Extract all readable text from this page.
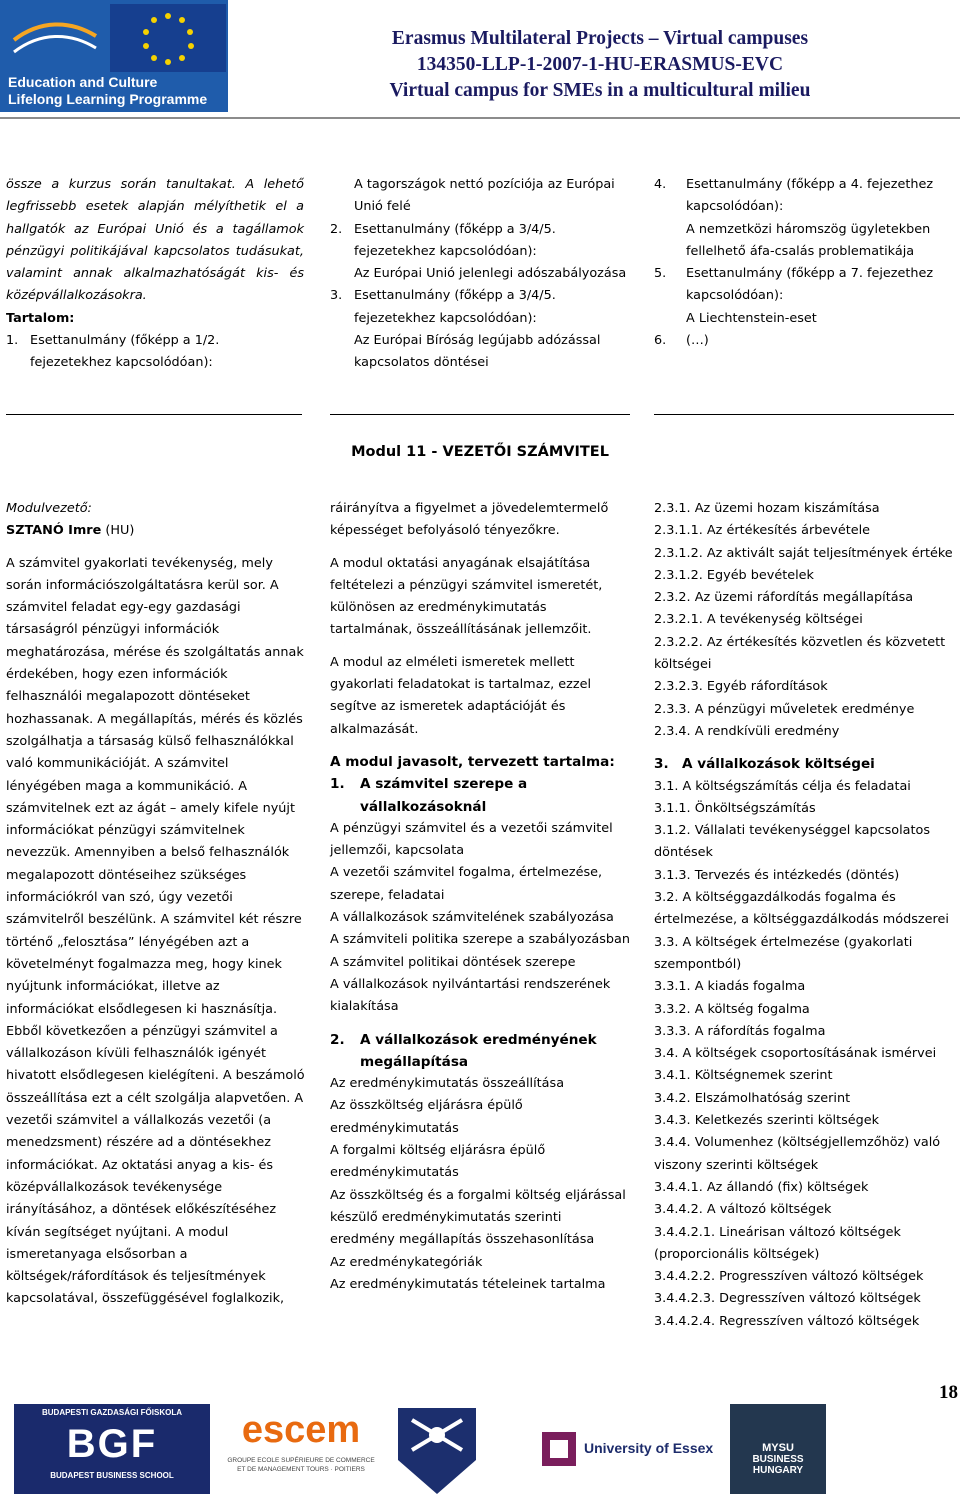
Education and Culture
Lifelong Learning Programme
Erasmus Multilateral Projects – Virtual campuses
134350-LLP-1-2007-1-HU-ERASMUS-EVC
Virtual campus for SMEs in a multicultural milieu

össze a kurzus során tanultakat. A lehető legfrissebb esetek alapján mélyíthetik el a hallgatók az Európai Unió és a tagállamok pénzügyi politikájával kapcsolatos tudásukat, valamint annak alkalmazhatóságát kis- és középvállalkozásokra.

Tartalom:

1. Esettanulmány (főképp a 1/2. fejezetekhez kapcsolódóan):
A tagországok nettó pozíciója az Európai Unió felé
2. Esettanulmány (főképp a 3/4/5. fejezetekhez kapcsolódóan):
Az Európai Unió jelenlegi adószabályozása
3. Esettanulmány (főképp a 3/4/5. fejezetekhez kapcsolódóan):
Az Európai Bíróság legújabb adózással kapcsolatos döntései
4.	Esettanulmány (főképp a 4. fejezethez kapcsolódóan):
A nemzetközi háromszög ügyletekben fellelhető áfa-csalás problematikája
5.	Esettanulmány (főképp a 7. fejezethez kapcsolódóan):
A Liechtenstein-eset
6.	(…)
Modul 11 - VEZETŐI SZÁMVITEL

Modulvezető:

SZTANÓ Imre (HU)

A számvitel gyakorlati tevékenység, mely során információszolgáltatásra kerül sor. A számvitel feladat egy-egy gazdasági társaságról pénzügyi információk meghatározása, mérése és szolgáltatás annak érdekében, hogy ezen információk felhasználói megalapozott döntéseket hozhassanak. A megállapítás, mérés és közlés szolgálhatja a társaság külső felhasználókkal való kommunikációját. A számvitel lényégében maga a kommunikáció. A számvitelnek ezt az ágát – amely kifele nyújt információkat pénzügyi számvitelnek nevezzük. Amennyiben a belső felhasználók megalapozott döntéseihez szükséges információkról van szó, úgy vezetői számvitelről beszélünk. A számvitel két részre történő „felosztása” lényégében azt a követelményt fogalmazza meg, hogy kinek nyújtunk információkat, illetve az információkat elsődlegesen ki hasznásítja. Ebből következően a pénzügyi számvitel a vállalkozáson kívüli felhasználók igényét hivatott elsődlegesen kielégíteni. A beszámoló összeállítása ezt a célt szolgálja alapvetően. A vezetői számvitel a vállalkozás vezetői (a menedzsment) részére ad a döntésekhez információkat. Az oktatási anyag a kis- és középvállalkozások tevékenysége irányításához, a döntések előkészítéséhez kíván segítséget nyújtani. A modul ismeretanyaga elsősorban a költségek/ráfordítások és teljesítmények kapcsolatával, összefüggésével foglalkozik,

ráirányítva a figyelmet a jövedelemtermelő képességet befolyásoló tényezőkre.

A modul oktatási anyagának elsajátítása feltételezi a pénzügyi számvitel ismeretét, különösen az eredménykimutatás tartalmának, összeállításának jellemzőit.

A modul az elméleti ismeretek mellett gyakorlati feladatokat is tartalmaz, ezzel segítve az ismeretek adaptációját és alkalmazását.

A modul javasolt, tervezett tartalma:

1.	A számvitel szerepe a vállalkozásoknál

A pénzügyi számvitel és a vezetői számvitel jellemzői, kapcsolata

A vezetői számvitel fogalma, értelmezése, szerepe, feladatai

A vállalkozások számvitelének szabályozása

A számviteli politika szerepe a szabályozásban

A számvitel politikai döntések szerepe

A vállalkozások nyilvántartási rendszerének kialakítása

2.	A vállalkozások eredményének megállapítása

Az eredménykimutatás összeállítása

Az összköltség eljárásra épülő eredménykimutatás

A forgalmi költség eljárásra épülő eredménykimutatás

Az összköltség és a forgalmi költség eljárással készülő eredménykimutatás szerinti eredmény megállapítás összehasonlítása

Az eredménykategóriák

Az eredménykimutatás tételeinek tartalma

2.3.1. Az üzemi hozam kiszámítása

2.3.1.1. Az értékesítés árbevétele

2.3.1.2. Az aktivált saját teljesítmények értéke

2.3.1.2. Egyéb bevételek

2.3.2. Az üzemi ráfordítás megállapítása

2.3.2.1. A tevékenység költségei

2.3.2.2. Az értékesítés közvetlen és közvetett költségei

2.3.2.3. Egyéb ráfordítások

2.3.3. A pénzügyi műveletek eredménye

2.3.4. A rendkívüli eredmény

3. A vállalkozások költségei

3.1. A költségszámítás célja és feladatai

3.1.1. Önköltségszámítás

3.1.2. Vállalati tevékenységgel kapcsolatos döntések

3.1.3. Tervezés és intézkedés (döntés)

3.2. A költséggazdálkodás fogalma és értelmezése, a költséggazdálkodás módszerei

3.3. A költségek értelmezése (gyakorlati szempontból)

3.3.1. A kiadás fogalma

3.3.2. A költség fogalma

3.3.3. A ráfordítás fogalma

3.4. A költségek csoportosításának ismérvei

3.4.1. Költségnemek szerint

3.4.2. Elszámolhatóság szerint

3.4.3. Keletkezés szerinti költségek

3.4.4. Volumenhez (költségjellemzőhöz) való viszony szerinti költségek

3.4.4.1. Az állandó (fix) költségek

3.4.4.2. A változó költségek

3.4.4.2.1. Lineárisan változó költségek (proporcionális költségek)

3.4.4.2.2. Progresszíven változó költségek

3.4.4.2.3. Degresszíven változó költségek

3.4.4.2.4. Regresszíven változó költségek

18
BUDAPESTI GAZDASÁGI FŐISKOLA
BGF
BUDAPEST BUSINESS SCHOOL
escem
GROUPE ECOLE SUPÉRIEURE DE COMMERCE
ET DE MANAGEMENT TOURS · POITIERS
University of Essex	MYSU
BUSINESS
HUNGARY
